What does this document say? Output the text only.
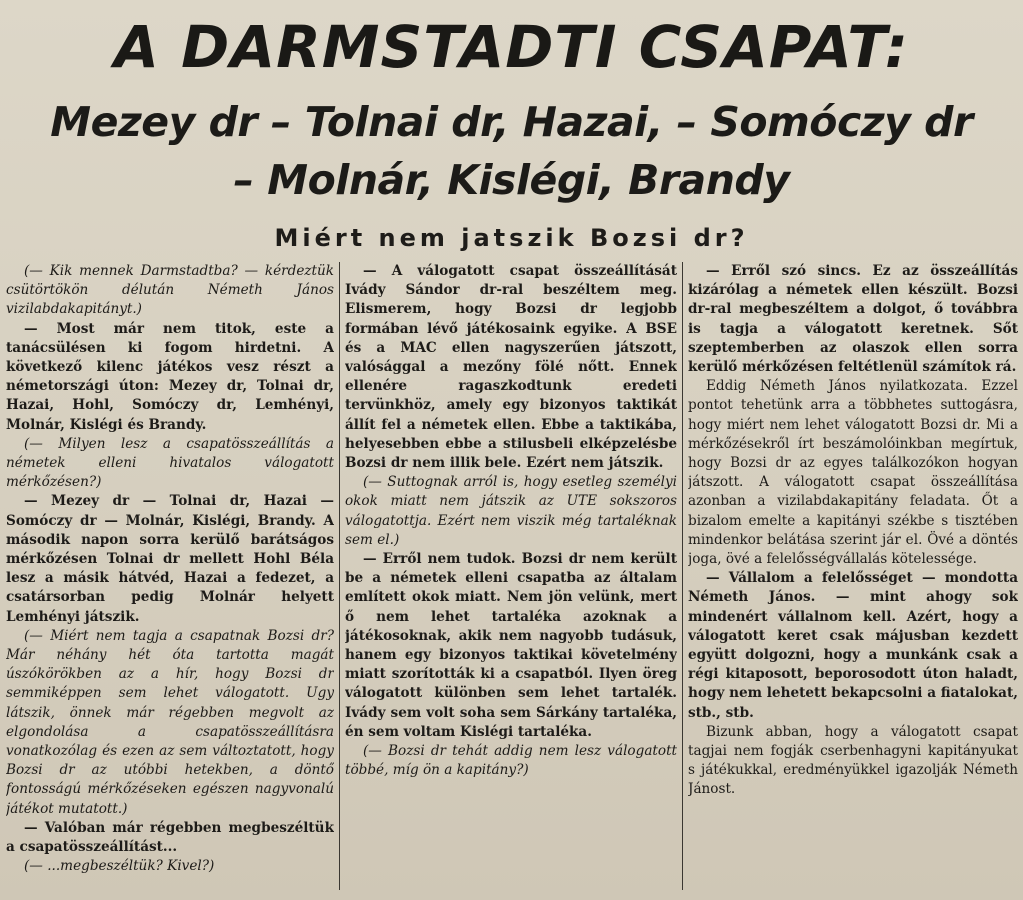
A DARMSTADTI CSAPAT:
Mezey dr – Tolnai dr, Hazai, – Somóczy dr
– Molnár, Kislégi, Brandy
Miért nem jatszik Bozsi dr?

(— Kik mennek Darmstadtba? — kérdeztük csütörtökön délután Németh János vizilabdakapitányt.)

— Most már nem titok, este a tanácsülésen ki fogom hirdetni. A következő kilenc játékos vesz részt a németországi úton: Mezey dr, Tolnai dr, Hazai, Hohl, Somóczy dr, Lemhényi, Molnár, Kislégi és Brandy.

(— Milyen lesz a csapatösszeállítás a németek elleni hivatalos válogatott mérkőzésen?)

— Mezey dr — Tolnai dr, Hazai — Somóczy dr — Molnár, Kislégi, Brandy. A második napon sorra kerülő barátságos mérkőzésen Tolnai dr mellett Hohl Béla lesz a másik hátvéd, Hazai a fedezet, a csatársorban pedig Molnár helyett Lemhényi játszik.

(— Miért nem tagja a csapatnak Bozsi dr? Már néhány hét óta tartotta magát úszókörökben az a hír, hogy Bozsi dr semmiképpen sem lehet válogatott. Ugy látszik, önnek már régebben megvolt az elgondolása a csapatösszeállításra vonatkozólag és ezen az sem változtatott, hogy Bozsi dr az utóbbi hetekben, a döntő fontosságú mérkőzéseken egészen nagyvonalú játékot mutatott.)

— Valóban már régebben megbeszéltük a csapatösszeállítást...

(— ...megbeszéltük? Kivel?)

— A válogatott csapat összeállítását Ivády Sándor dr-ral beszéltem meg. Elismerem, hogy Bozsi dr legjobb formában lévő játékosaink egyike. A BSE és a MAC ellen nagyszerűen játszott, valósággal a mezőny fölé nőtt. Ennek ellenére ragaszkodtunk eredeti tervünkhöz, amely egy bizonyos taktikát állít fel a németek ellen. Ebbe a taktikába, helyesebben ebbe a stilusbeli elképzelésbe Bozsi dr nem illik bele. Ezért nem játszik.

(— Suttognak arról is, hogy esetleg személyi okok miatt nem játszik az UTE sokszoros válogatottja. Ezért nem viszik még tartaléknak sem el.)

— Erről nem tudok. Bozsi dr nem került be a németek elleni csapatba az általam említett okok miatt. Nem jön velünk, mert ő nem lehet tartaléka azoknak a játékosoknak, akik nem nagyobb tudásuk, hanem egy bizonyos taktikai követelmény miatt szorították ki a csapatból. Ilyen öreg válogatott különben sem lehet tartalék. Ivády sem volt soha sem Sárkány tartaléka, én sem voltam Kislégi tartaléka.

(— Bozsi dr tehát addig nem lesz válogatott többé, míg ön a kapitány?)

— Erről szó sincs. Ez az összeállítás kizárólag a németek ellen készült. Bozsi dr-ral megbeszéltem a dolgot, ő továbbra is tagja a válogatott keretnek. Sőt szeptemberben az olaszok ellen sorra kerülő mérkőzésen feltétlenül számítok rá.

Eddig Németh János nyilatkozata. Ezzel pontot tehetünk arra a többhetes suttogásra, hogy miért nem lehet válogatott Bozsi dr. Mi a mérkőzésekről írt beszámolóinkban megírtuk, hogy Bozsi dr az egyes találkozókon hogyan játszott. A válogatott csapat összeállítása azonban a vizilabdakapitány feladata. Őt a bizalom emelte a kapitányi székbe s tisztében mindenkor belátása szerint jár el. Övé a döntés joga, övé a felelősségvállalás kötelessége.

— Vállalom a felelősséget — mondotta Németh János. — mint ahogy sok mindenért vállalnom kell. Azért, hogy a válogatott keret csak májusban kezdett együtt dolgozni, hogy a munkánk csak a régi kitaposott, beporosodott úton haladt, hogy nem lehetett bekapcsolni a fiatalokat, stb., stb.

Bizunk abban, hogy a válogatott csapat tagjai nem fogják cserbenhagyni kapitányukat s játékukkal, eredményükkel igazolják Németh Jánost.
